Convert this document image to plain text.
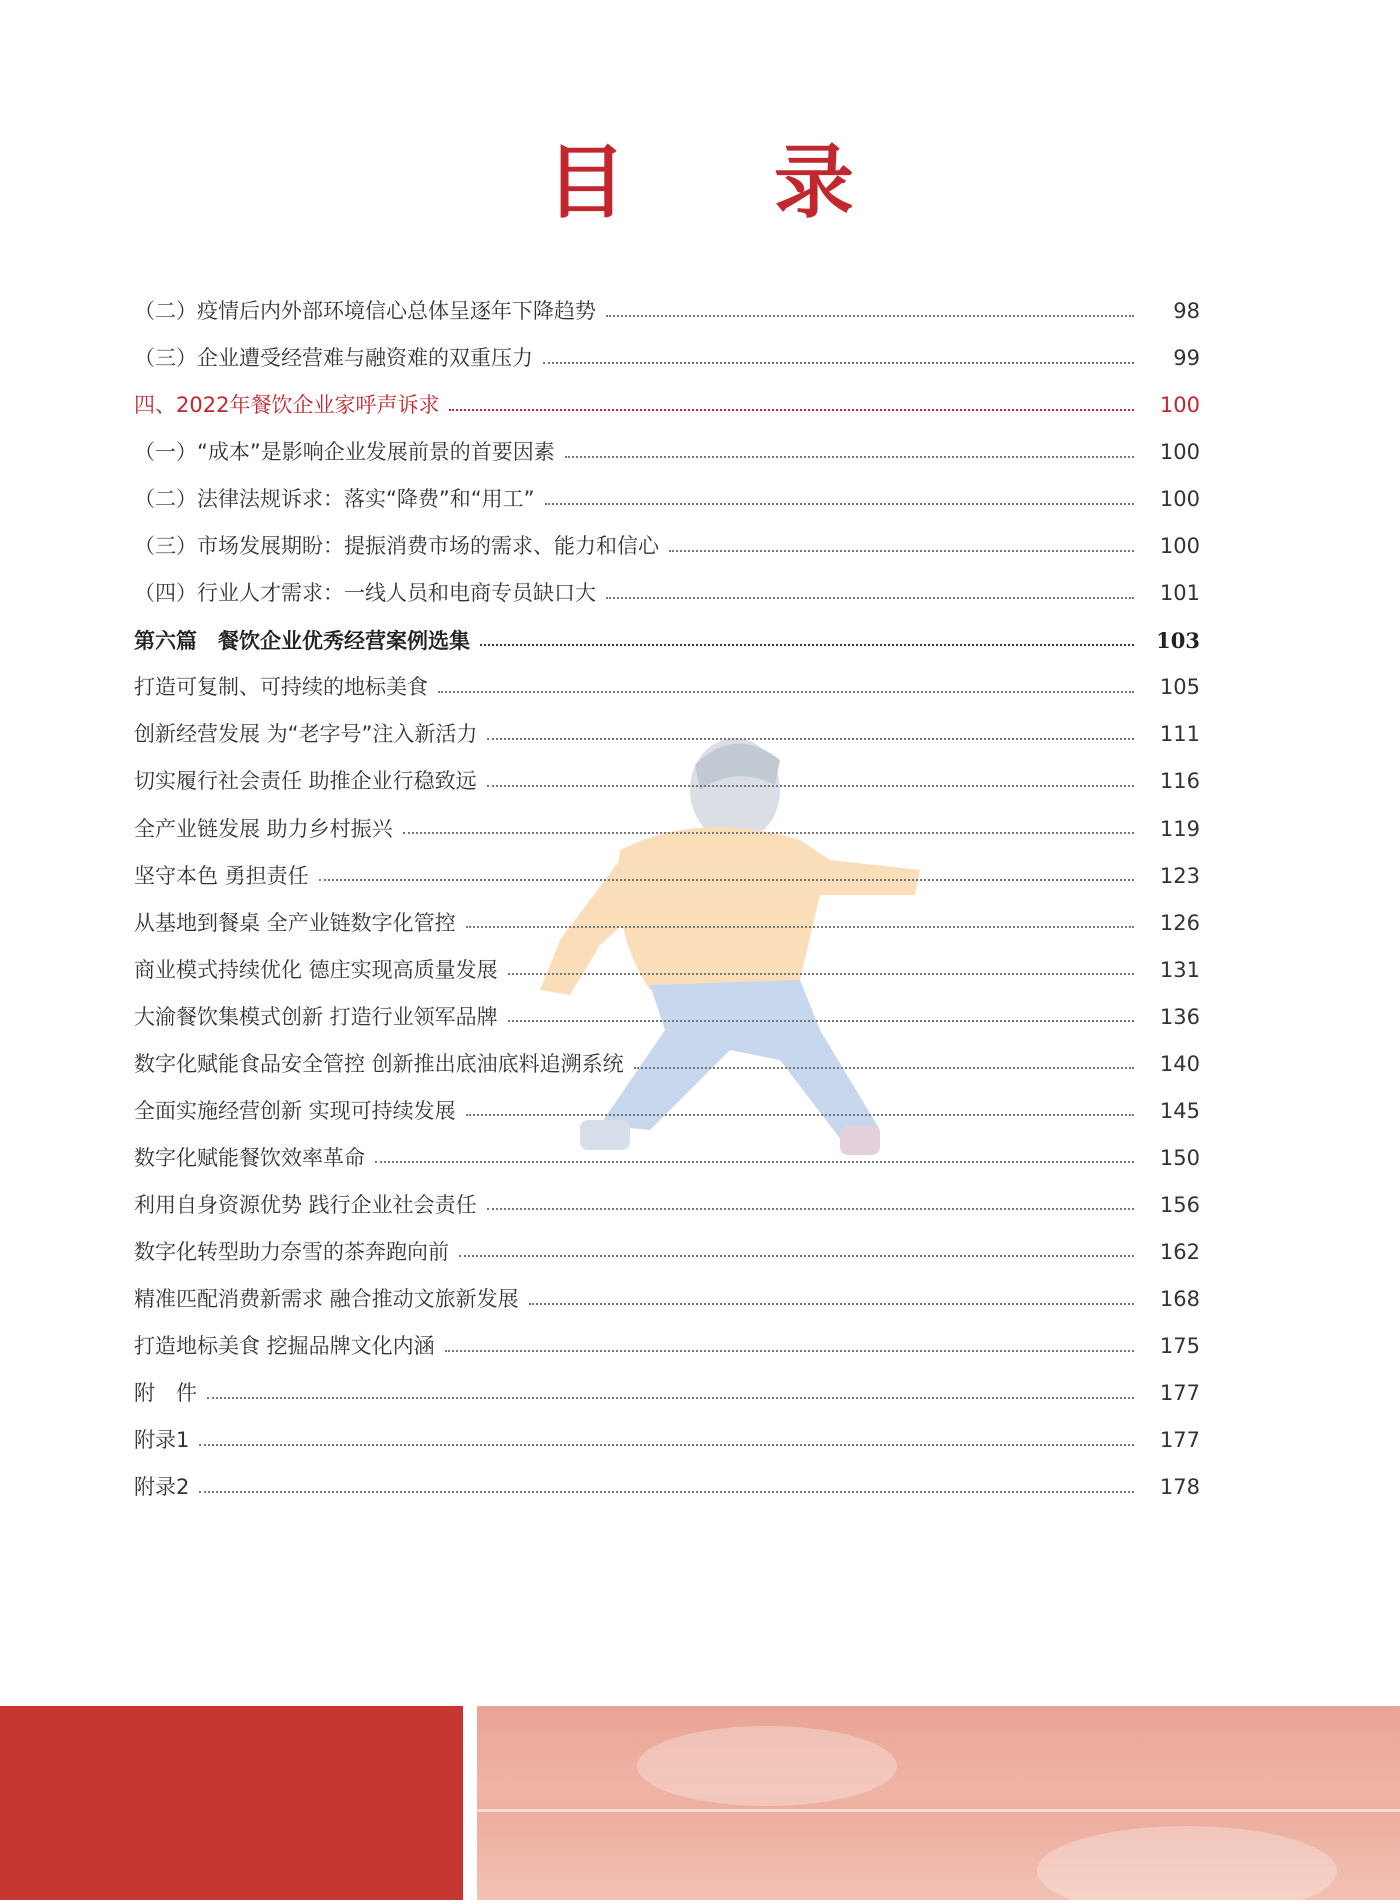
目 录
（二）疫情后内外部环境信心总体呈逐年下降趋势	98
（三）企业遭受经营难与融资难的双重压力	99
四、2022年餐饮企业家呼声诉求	100
（一）“成本”是影响企业发展前景的首要因素	100
（二）法律法规诉求：落实“降费”和“用工”	100
（三）市场发展期盼：提振消费市场的需求、能力和信心	100
（四）行业人才需求：一线人员和电商专员缺口大	101
第六篇　餐饮企业优秀经营案例选集	103
打造可复制、可持续的地标美食	105
创新经营发展 为“老字号”注入新活力	111
切实履行社会责任 助推企业行稳致远	116
全产业链发展 助力乡村振兴	119
坚守本色 勇担责任	123
从基地到餐桌 全产业链数字化管控	126
商业模式持续优化 德庄实现高质量发展	131
大渝餐饮集模式创新 打造行业领军品牌	136
数字化赋能食品安全管控 创新推出底油底料追溯系统	140
全面实施经营创新 实现可持续发展	145
数字化赋能餐饮效率革命	150
利用自身资源优势 践行企业社会责任	156
数字化转型助力奈雪的茶奔跑向前	162
精准匹配消费新需求 融合推动文旅新发展	168
打造地标美食 挖掘品牌文化内涵	175
附　件	177
附录1	177
附录2	178
